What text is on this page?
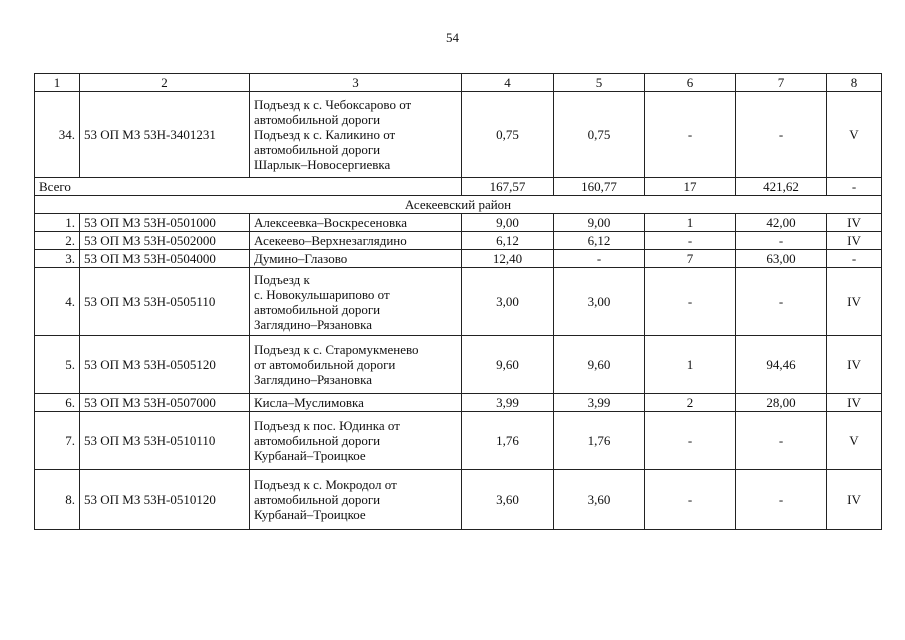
54
1	2	3	4	5	6	7	8
34.	53 ОП МЗ 53Н-3401231	Подъезд к с. Чебоксарово от
автомобильной дороги
Подъезд к с. Каликино от
автомобильной дороги
Шарлык–Новосергиевка	0,75	0,75	-	-	V
Всего			167,57	160,77	17	421,62	-
Асекеевский район							
1.	53 ОП МЗ 53Н-0501000	Алексеевка–Воскресеновка	9,00	9,00	1	42,00	IV
2.	53 ОП МЗ 53Н-0502000	Асекеево–Верхнезаглядино	6,12	6,12	-	-	IV
3.	53 ОП МЗ 53Н-0504000	Думино–Глазово	12,40	-	7	63,00	-
4.	53 ОП МЗ 53Н-0505110	Подъезд к
с. Новокульшарипово от
автомобильной дороги
Заглядино–Рязановка	3,00	3,00	-	-	IV
5.	53 ОП МЗ 53Н-0505120	Подъезд к с. Старомукменево
от автомобильной дороги
Заглядино–Рязановка	9,60	9,60	1	94,46	IV
6.	53 ОП МЗ 53Н-0507000	Кисла–Муслимовка	3,99	3,99	2	28,00	IV
7.	53 ОП МЗ 53Н-0510110	Подъезд к пос. Юдинка от
автомобильной дороги
Курбанай–Троицкое	1,76	1,76	-	-	V
8.	53 ОП МЗ 53Н-0510120	Подъезд к с. Мокродол от
автомобильной дороги
Курбанай–Троицкое	3,60	3,60	-	-	IV
